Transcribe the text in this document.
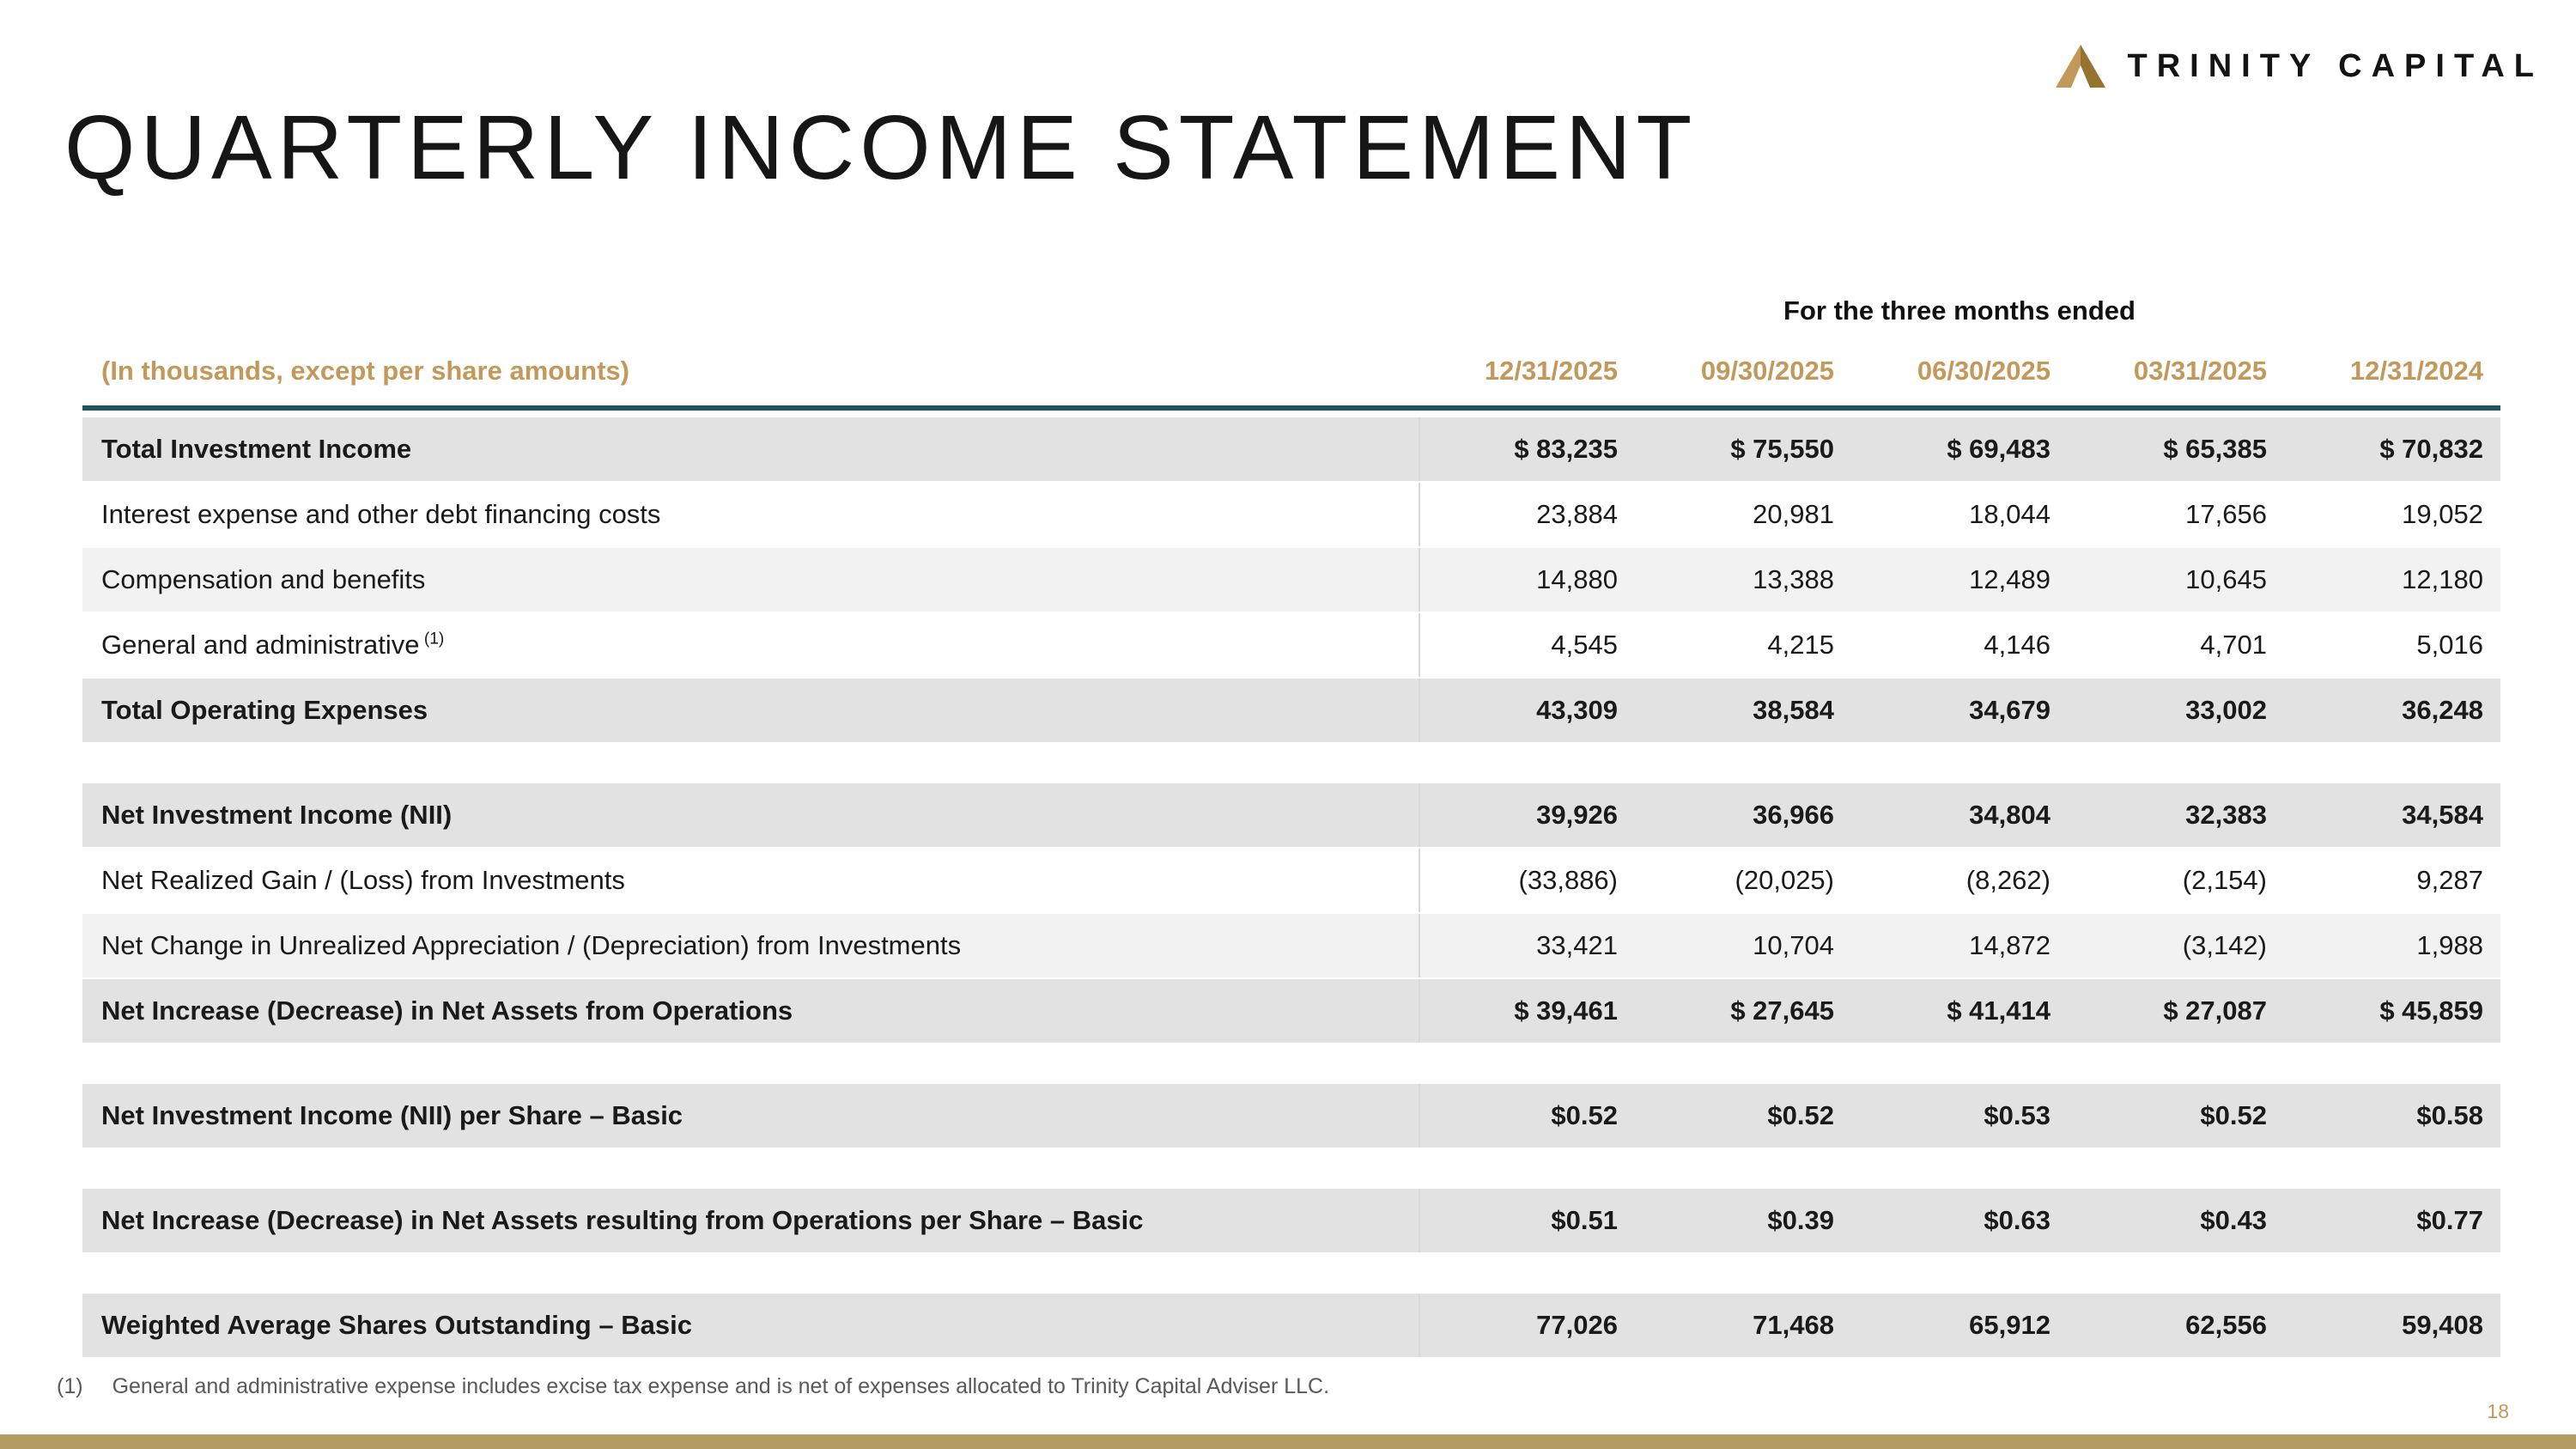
TRINITY CAPITAL
QUARTERLY INCOME STATEMENT
For the three months ended
(In thousands, except per share amounts)	12/31/2025	09/30/2025	06/30/2025	03/31/2025	12/31/2024
Total Investment Income	$ 83,235	$ 75,550	$ 69,483	$ 65,385	$ 70,832
Interest expense and other debt financing costs	23,884	20,981	18,044	17,656	19,052
Compensation and benefits	14,880	13,388	12,489	10,645	12,180
General and administrative $^{(1)}$	4,545	4,215	4,146	4,701	5,016
Total Operating Expenses	43,309	38,584	34,679	33,002	36,248
Net Investment Income (NII)	39,926	36,966	34,804	32,383	34,584
Net Realized Gain / (Loss) from Investments	(33,886)	(20,025)	(8,262)	(2,154)	9,287
Net Change in Unrealized Appreciation / (Depreciation) from Investments	33,421	10,704	14,872	(3,142)	1,988
Net Increase (Decrease) in Net Assets from Operations	$ 39,461	$ 27,645	$ 41,414	$ 27,087	$ 45,859
Net Investment Income (NII) per Share – Basic	$0.52	$0.52	$0.53	$0.52	$0.58
Net Increase (Decrease) in Net Assets resulting from Operations per Share – Basic	$0.51	$0.39	$0.63	$0.43	$0.77
Weighted Average Shares Outstanding – Basic	77,026	71,468	65,912	62,556	59,408
(1) General and administrative expense includes excise tax expense and is net of expenses allocated to Trinity Capital Adviser LLC.
18
